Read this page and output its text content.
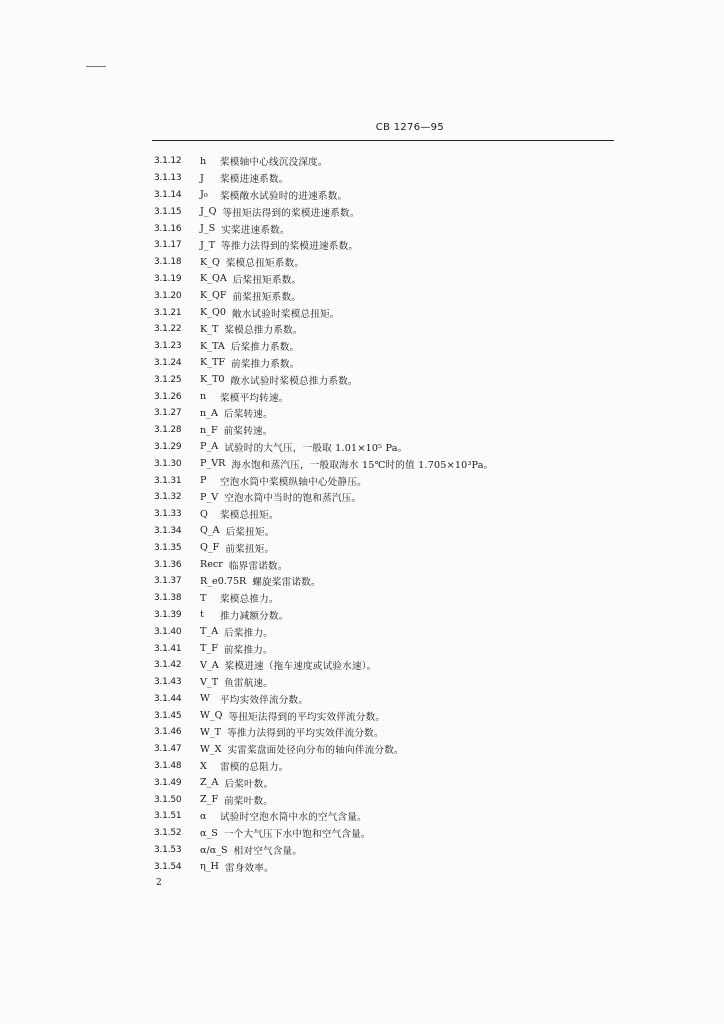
CB 1276—95
3.1.12	h	桨模轴中心线沉没深度。
3.1.13	J	桨模进速系数。
3.1.14	J₀	桨模敞水试验时的进速系数。
3.1.15	J_Q 等扭矩法得到的桨模进速系数。
3.1.16	J_S 实桨进速系数。
3.1.17	J_T 等推力法得到的桨模进速系数。
3.1.18	K_Q 桨模总扭矩系数。
3.1.19	K_QA 后桨扭矩系数。
3.1.20	K_QF 前桨扭矩系数。
3.1.21	K_Q0 敞水试验时桨模总扭矩。
3.1.22	K_T 桨模总推力系数。
3.1.23	K_TA 后桨推力系数。
3.1.24	K_TF 前桨推力系数。
3.1.25	K_T0 敞水试验时桨模总推力系数。
3.1.26	n	桨模平均转速。
3.1.27	n_A 后桨转速。
3.1.28	n_F 前桨转速。
3.1.29	P_A 试验时的大气压，一般取 1.01×10⁵ Pa。
3.1.30	P_VR 海水饱和蒸汽压，一般取海水 15℃时的值 1.705×10³Pa。
3.1.31	P	空泡水筒中桨模纵轴中心处静压。
3.1.32	P_V 空泡水筒中当时的饱和蒸汽压。
3.1.33	Q	桨模总扭矩。
3.1.34	Q_A 后桨扭矩。
3.1.35	Q_F 前桨扭矩。
3.1.36	Recr 临界雷诺数。
3.1.37	R_e0.75R 螺旋桨雷诺数。
3.1.38	T	桨模总推力。
3.1.39	t	推力减额分数。
3.1.40	T_A 后桨推力。
3.1.41	T_F 前桨推力。
3.1.42	V_A 桨模进速（拖车速度或试验水速）。
3.1.43	V_T 鱼雷航速。
3.1.44	W	平均实效伴流分数。
3.1.45	W_Q 等扭矩法得到的平均实效伴流分数。
3.1.46	W_T 等推力法得到的平均实效伴流分数。
3.1.47	W_X 实雷桨盘面处径向分布的轴向伴流分数。
3.1.48	X	雷模的总阻力。
3.1.49	Z_A 后桨叶数。
3.1.50	Z_F 前桨叶数。
3.1.51	α	试验时空泡水筒中水的空气含量。
3.1.52	α_S 一个大气压下水中饱和空气含量。
3.1.53	α/α_S 相对空气含量。
3.1.54	η_H 雷身效率。
2
